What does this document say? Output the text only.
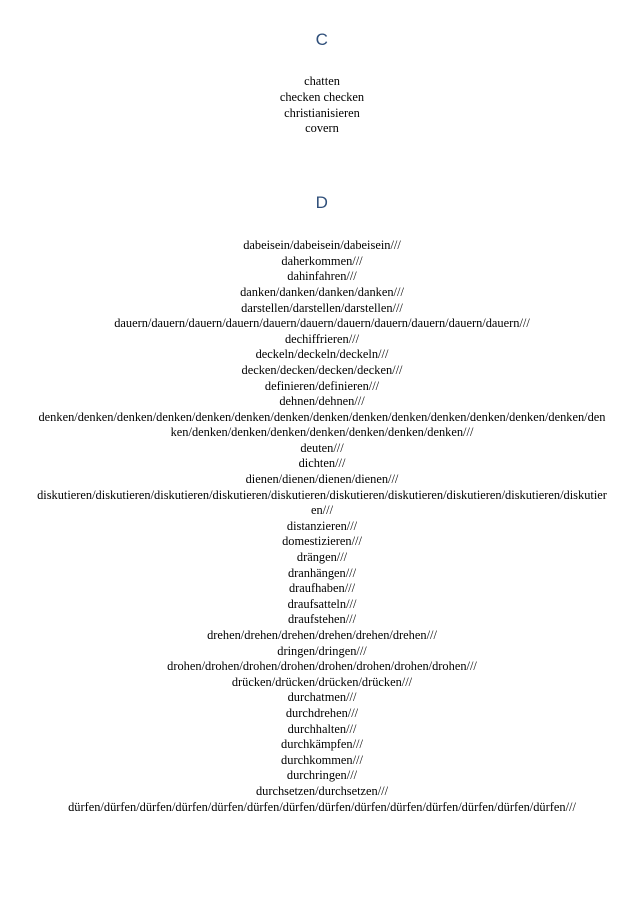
C
chatten
checken checken
christianisieren
covern
D
dabeisein/dabeisein/dabeisein///
daherkommen///
dahinfahren///
danken/danken/danken/danken///
darstellen/darstellen/darstellen///
dauern/dauern/dauern/dauern/dauern/dauern/dauern/dauern/dauern/dauern/dauern///
dechiffrieren///
deckeln/deckeln/deckeln///
decken/decken/decken/decken///
definieren/definieren///
dehnen/dehnen///
denken/denken/denken/denken/denken/denken/denken/denken/denken/denken/denken/denken/denken/denken/denken/denken/denken/denken/denken/denken/denken/denken///
deuten///
dichten///
dienen/dienen/dienen/dienen///
diskutieren/diskutieren/diskutieren/diskutieren/diskutieren/diskutieren/diskutieren/diskutieren/diskutieren/diskutieren///
distanzieren///
domestizieren///
drängen///
dranhängen///
draufhaben///
draufsatteln///
draufstehen///
drehen/drehen/drehen/drehen/drehen/drehen///
dringen/dringen///
drohen/drohen/drohen/drohen/drohen/drohen/drohen/drohen///
drücken/drücken/drücken/drücken///
durchatmen///
durchdrehen///
durchhalten///
durchkämpfen///
durchkommen///
durchringen///
durchsetzen/durchsetzen///
dürfen/dürfen/dürfen/dürfen/dürfen/dürfen/dürfen/dürfen/dürfen/dürfen/dürfen/dürfen/dürfen/dürfen///
